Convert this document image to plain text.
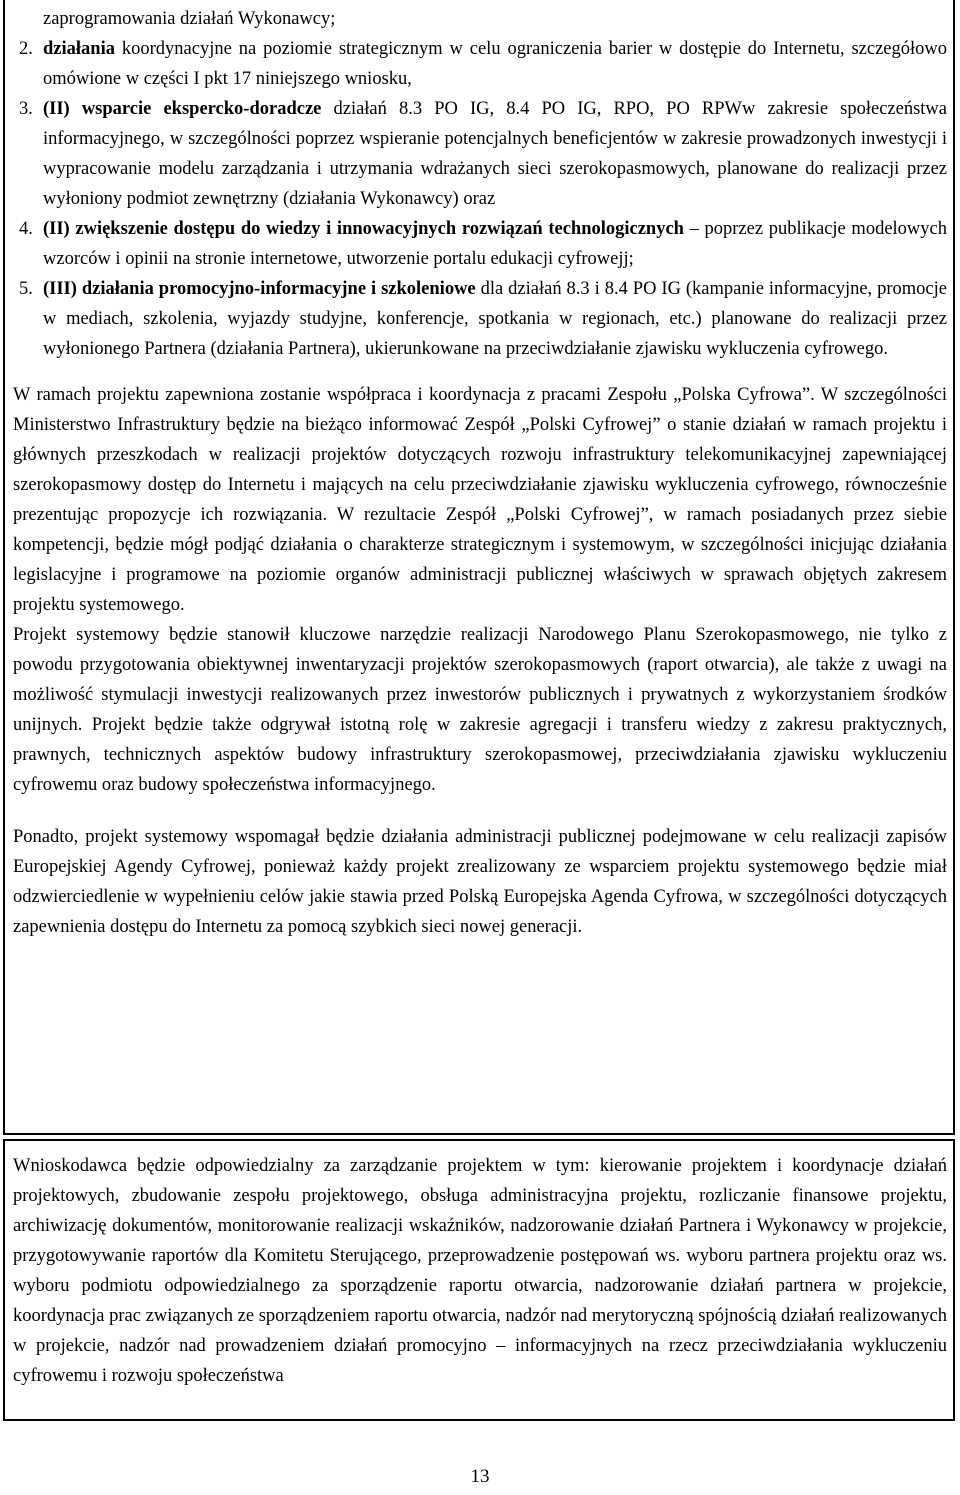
zaprogramowania działań Wykonawcy;

2. działania koordynacyjne na poziomie strategicznym w celu ograniczenia barier w dostępie do Internetu, szczegółowo omówione w części I pkt 17 niniejszego wniosku,
3. (II) wsparcie ekspercko-doradcze działań 8.3 PO IG, 8.4 PO IG, RPO, PO RPWw zakresie społeczeństwa informacyjnego, w szczególności poprzez wspieranie potencjalnych beneficjentów w zakresie prowadzonych inwestycji i wypracowanie modelu zarządzania i utrzymania wdrażanych sieci szerokopasmowych, planowane do realizacji przez wyłoniony podmiot zewnętrzny (działania Wykonawcy) oraz
4. (II) zwiększenie dostępu do wiedzy i innowacyjnych rozwiązań technologicznych – poprzez publikacje modelowych wzorców i opinii na stronie internetowe, utworzenie portalu edukacji cyfrowejj;
5. (III) działania promocyjno-informacyjne i szkoleniowe dla działań 8.3 i 8.4 PO IG (kampanie informacyjne, promocje w mediach, szkolenia, wyjazdy studyjne, konferencje, spotkania w regionach, etc.) planowane do realizacji przez wyłonionego Partnera (działania Partnera), ukierunkowane na przeciwdziałanie zjawisku wykluczenia cyfrowego.

W ramach projektu zapewniona zostanie współpraca i koordynacja z pracami Zespołu „Polska Cyfrowa”. W szczególności Ministerstwo Infrastruktury będzie na bieżąco informować Zespół „Polski Cyfrowej” o stanie działań w ramach projektu i głównych przeszkodach w realizacji projektów dotyczących rozwoju infrastruktury telekomunikacyjnej zapewniającej szerokopasmowy dostęp do Internetu i mających na celu przeciwdziałanie zjawisku wykluczenia cyfrowego, równocześnie prezentując propozycje ich rozwiązania. W rezultacie Zespół „Polski Cyfrowej”, w ramach posiadanych przez siebie kompetencji, będzie mógł podjąć działania o charakterze strategicznym i systemowym, w szczególności inicjując działania legislacyjne i programowe na poziomie organów administracji publicznej właściwych w sprawach objętych zakresem projektu systemowego.

Projekt systemowy będzie stanowił kluczowe narzędzie realizacji Narodowego Planu Szerokopasmowego, nie tylko z powodu przygotowania obiektywnej inwentaryzacji projektów szerokopasmowych (raport otwarcia), ale także z uwagi na możliwość stymulacji inwestycji realizowanych przez inwestorów publicznych i prywatnych z wykorzystaniem środków unijnych. Projekt będzie także odgrywał istotną rolę w zakresie agregacji i transferu wiedzy z zakresu praktycznych, prawnych, technicznych aspektów budowy infrastruktury szerokopasmowej, przeciwdziałania zjawisku wykluczeniu cyfrowemu oraz budowy społeczeństwa informacyjnego.

Ponadto, projekt systemowy wspomagał będzie działania administracji publicznej podejmowane w celu realizacji zapisów Europejskiej Agendy Cyfrowej, ponieważ każdy projekt zrealizowany ze wsparciem projektu systemowego będzie miał odzwierciedlenie w wypełnieniu celów jakie stawia przed Polską Europejska Agenda Cyfrowa, w szczególności dotyczących zapewnienia dostępu do Internetu za pomocą szybkich sieci nowej generacji.

Wnioskodawca będzie odpowiedzialny za zarządzanie projektem w tym: kierowanie projektem i koordynacje działań projektowych, zbudowanie zespołu projektowego, obsługa administracyjna projektu, rozliczanie finansowe projektu, archiwizację dokumentów, monitorowanie realizacji wskaźników, nadzorowanie działań Partnera i Wykonawcy w projekcie, przygotowywanie raportów dla Komitetu Sterującego, przeprowadzenie postępowań ws. wyboru partnera projektu oraz ws. wyboru podmiotu odpowiedzialnego za sporządzenie raportu otwarcia, nadzorowanie działań partnera w projekcie, koordynacja prac związanych ze sporządzeniem raportu otwarcia, nadzór nad merytoryczną spójnością działań realizowanych w projekcie, nadzór nad prowadzeniem działań promocyjno – informacyjnych na rzecz przeciwdziałania wykluczeniu cyfrowemu i rozwoju społeczeństwa

13
